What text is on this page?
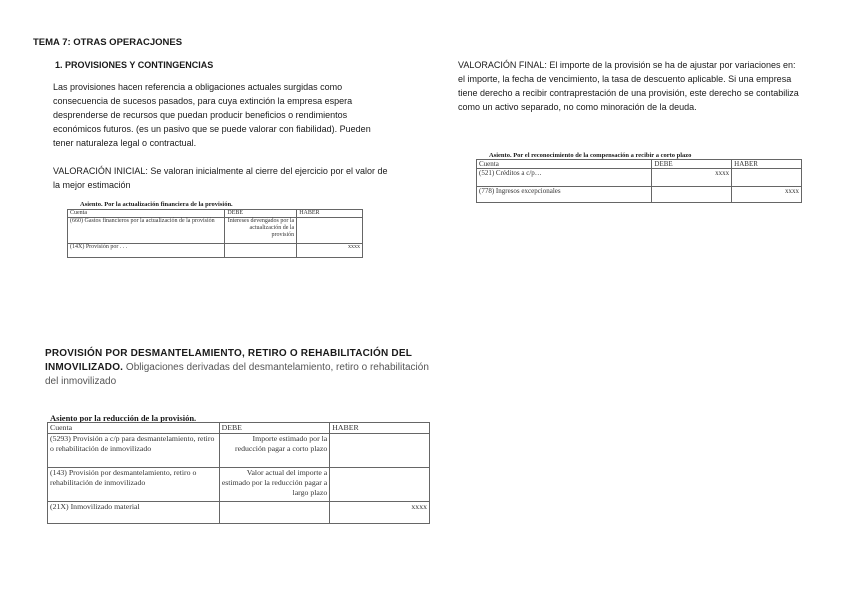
TEMA 7: OTRAS OPERACJONES
1. PROVISIONES Y CONTINGENCIAS
Las provisiones hacen referencia a obligaciones actuales surgidas como consecuencia de sucesos pasados, para cuya extinción la empresa espera desprenderse de recursos que puedan producir beneficios o rendimientos económicos futuros. (es un pasivo que se puede valorar con fiabilidad). Pueden tener naturaleza legal o contractual.
VALORACIÓN INICIAL: Se valoran inicialmente al cierre del ejercicio por el valor de la mejor estimación
Asiento. Por la actualización financiera de la provisión.
Cuenta	DEBE	HABER
(660) Gastos financieros por la actualización de la provisión	Intereses devengados por la actualización de la provisión	
(14X) Provisión por . . .		xxxx
VALORACIÓN FINAL: El importe de la provisión se ha de ajustar por variaciones en: el importe, la fecha de vencimiento, la tasa de descuento aplicable. Si una empresa tiene derecho a recibir contraprestación de una provisión, este derecho se contabiliza como un activo separado, no como minoración de la deuda.
Asiento. Por el reconocimiento de la compensación a recibir a corto plazo
Cuenta	DEBE	HABER
(521) Créditos a c/p…	xxxx	
(778) Ingresos excepcionales		xxxx
PROVISIÓN POR DESMANTELAMIENTO, RETIRO O REHABILITACIÓN DEL INMOVILIZADO. Obligaciones derivadas del desmantelamiento, retiro o rehabilitación del inmovilizado
Asiento por la reducción de la provisión.
Cuenta	DEBE	HABER
(5293) Provisión a c/p para desmantelamiento, retiro o rehabilitación de inmovilizado	Importe estimado por la reducción pagar a corto plazo	
(143) Provisión por desmantelamiento, retiro o rehabilitación de inmovilizado	Valor actual del importe a estimado por la reducción pagar a largo plazo	
(21X) Inmovilizado material		xxxx
